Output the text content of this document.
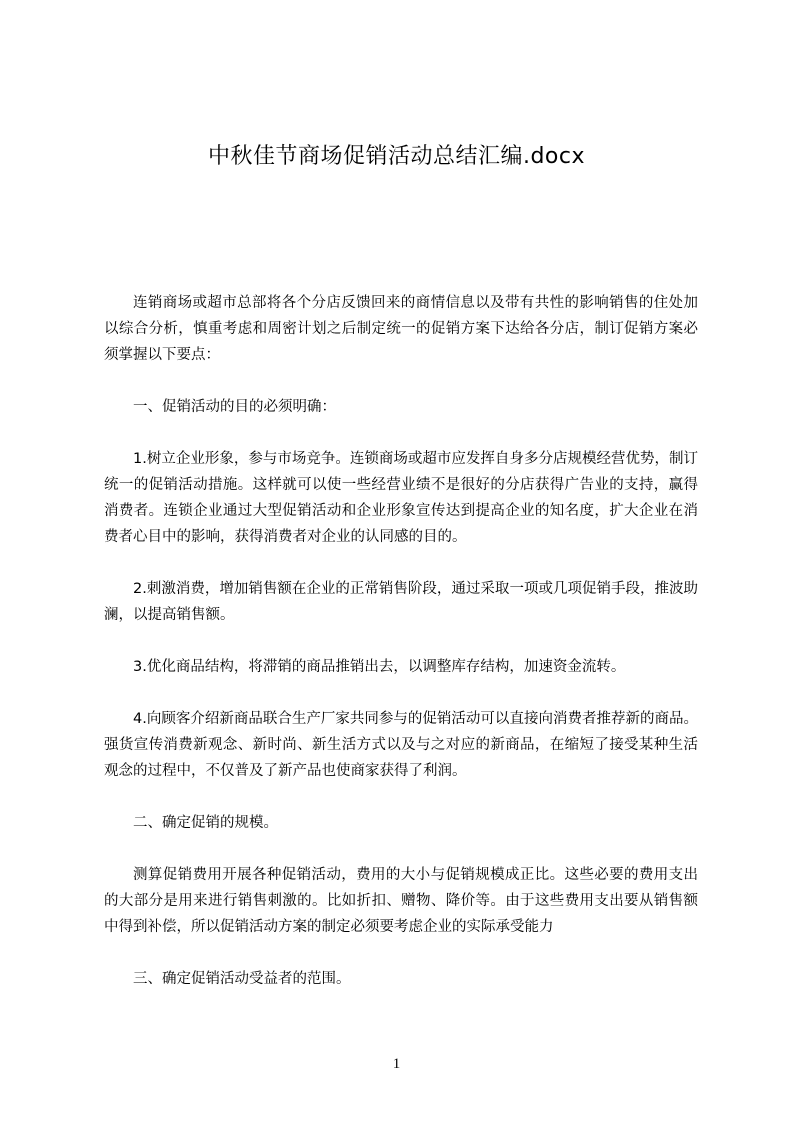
中秋佳节商场促销活动总结汇编.docx

连销商场或超市总部将各个分店反馈回来的商情信息以及带有共性的影响销售的住处加以综合分析，慎重考虑和周密计划之后制定统一的促销方案下达给各分店，制订促销方案必须掌握以下要点：

一、促销活动的目的必须明确：

1.树立企业形象，参与市场竞争。连锁商场或超市应发挥自身多分店规模经营优势，制订统一的促销活动措施。这样就可以使一些经营业绩不是很好的分店获得广告业的支持，赢得消费者。连锁企业通过大型促销活动和企业形象宣传达到提高企业的知名度，扩大企业在消费者心目中的影响，获得消费者对企业的认同感的目的。

2.刺激消费，增加销售额在企业的正常销售阶段，通过采取一项或几项促销手段，推波助澜，以提高销售额。

3.优化商品结构，将滞销的商品推销出去，以调整库存结构，加速资金流转。

4.向顾客介绍新商品联合生产厂家共同参与的促销活动可以直接向消费者推荐新的商品。强货宣传消费新观念、新时尚、新生活方式以及与之对应的新商品，在缩短了接受某种生活观念的过程中，不仅普及了新产品也使商家获得了利润。

二、确定促销的规模。

测算促销费用开展各种促销活动，费用的大小与促销规模成正比。这些必要的费用支出的大部分是用来进行销售刺激的。比如折扣、赠物、降价等。由于这些费用支出要从销售额中得到补偿，所以促销活动方案的制定必须要考虑企业的实际承受能力

三、确定促销活动受益者的范围。

1
